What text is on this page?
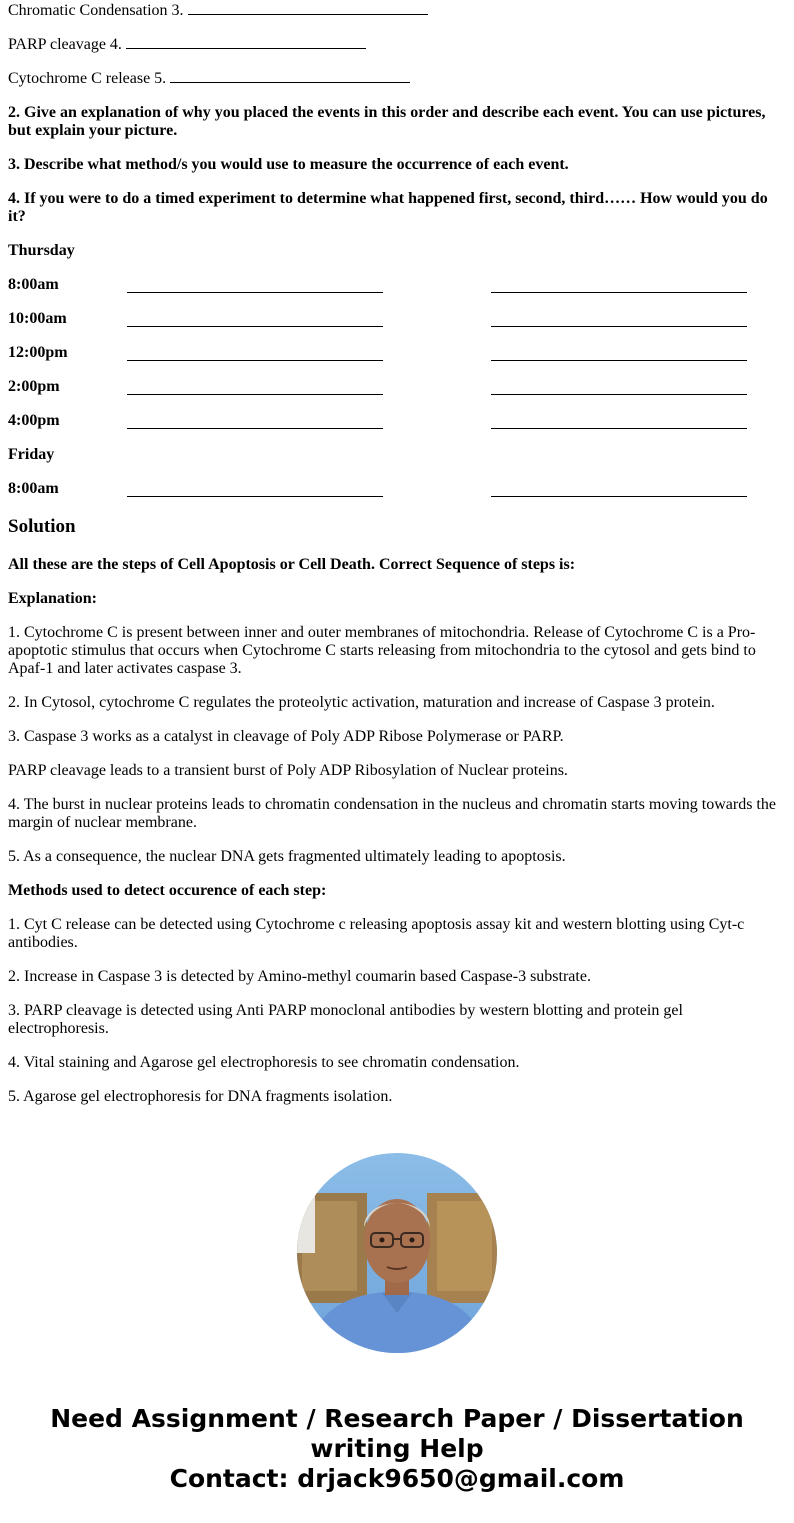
Chromatic Condensation 3.

PARP cleavage 4.

Cytochrome C release 5.

2. Give an explanation of why you placed the events in this order and describe each event. You can use pictures, but explain your picture.

3. Describe what method/s you would use to measure the occurrence of each event.

4. If you were to do a timed experiment to determine what happened first, second, third…… How would you do it?

Thursday

8:00am
10:00am
12:00pm
2:00pm
4:00pm

Friday

8:00am
Solution

All these are the steps of Cell Apoptosis or Cell Death. Correct Sequence of steps is:

Explanation:

1. Cytochrome C is present between inner and outer membranes of mitochondria. Release of Cytochrome C is a Pro-apoptotic stimulus that occurs when Cytochrome C starts releasing from mitochondria to the cytosol and gets bind to Apaf-1 and later activates caspase 3.

2. In Cytosol, cytochrome C regulates the proteolytic activation, maturation and increase of Caspase 3 protein.

3. Caspase 3 works as a catalyst in cleavage of Poly ADP Ribose Polymerase or PARP.

PARP cleavage leads to a transient burst of Poly ADP Ribosylation of Nuclear proteins.

4. The burst in nuclear proteins leads to chromatin condensation in the nucleus and chromatin starts moving towards the margin of nuclear membrane.

5. As a consequence, the nuclear DNA gets fragmented ultimately leading to apoptosis.

Methods used to detect occurence of each step:

1. Cyt C release can be detected using Cytochrome c releasing apoptosis assay kit and western blotting using Cyt-c antibodies.

2. Increase in Caspase 3 is detected by Amino-methyl coumarin based Caspase-3 substrate.

3. PARP cleavage is detected using Anti PARP monoclonal antibodies by western blotting and protein gel electrophoresis.

4. Vital staining and Agarose gel electrophoresis to see chromatin condensation.

5. Agarose gel electrophoresis for DNA fragments isolation.

Need Assignment / Research Paper / Dissertation
writing Help
Contact: drjack9650@gmail.com
